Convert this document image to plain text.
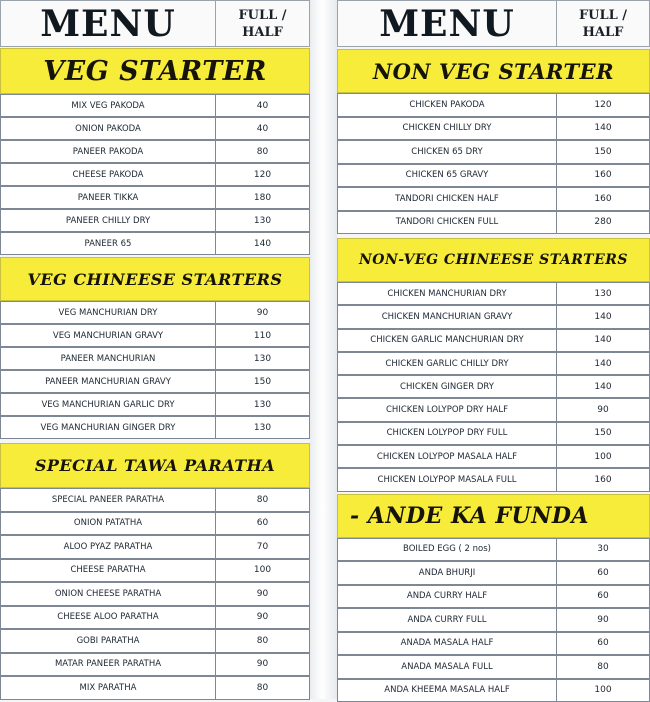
MENU	FULL /
HALF
VEG STARTER
MIX VEG PAKODA	40
ONION PAKODA	40
PANEER PAKODA	80
CHEESE PAKODA	120
PANEER TIKKA	180
PANEER CHILLY DRY	130
PANEER 65	140
VEG CHINEESE STARTERS
VEG MANCHURIAN DRY	90
VEG MANCHURIAN GRAVY	110
PANEER MANCHURIAN	130
PANEER MANCHURIAN GRAVY	150
VEG MANCHURIAN GARLIC DRY	130
VEG MANCHURIAN GINGER DRY	130
SPECIAL TAWA PARATHA
SPECIAL PANEER PARATHA	80
ONION PATATHA	60
ALOO PYAZ PARATHA	70
CHEESE PARATHA	100
ONION CHEESE PARATHA	90
CHEESE ALOO PARATHA	90
GOBI PARATHA	80
MATAR PANEER PARATHA	90
MIX PARATHA	80
MENU	FULL /
HALF
NON VEG STARTER
CHICKEN PAKODA	120
CHICKEN CHILLY DRY	140
CHICKEN 65 DRY	150
CHICKEN 65 GRAVY	160
TANDORI CHICKEN HALF	160
TANDORI CHICKEN FULL	280
NON-VEG CHINEESE STARTERS
CHICKEN MANCHURIAN DRY	130
CHICKEN MANCHURIAN GRAVY	140
CHICKEN GARLIC MANCHURIAN DRY	140
CHICKEN GARLIC CHILLY DRY	140
CHICKEN GINGER DRY	140
CHICKEN LOLYPOP DRY HALF	90
CHICKEN LOLYPOP DRY FULL	150
CHICKEN LOLYPOP MASALA HALF	100
CHICKEN LOLYPOP MASALA FULL	160
- ANDE KA FUNDA
BOILED EGG ( 2 nos)	30
ANDA BHURJI	60
ANDA CURRY HALF	60
ANDA CURRY FULL	90
ANADA MASALA HALF	60
ANADA MASALA FULL	80
ANDA KHEEMA MASALA HALF	100
